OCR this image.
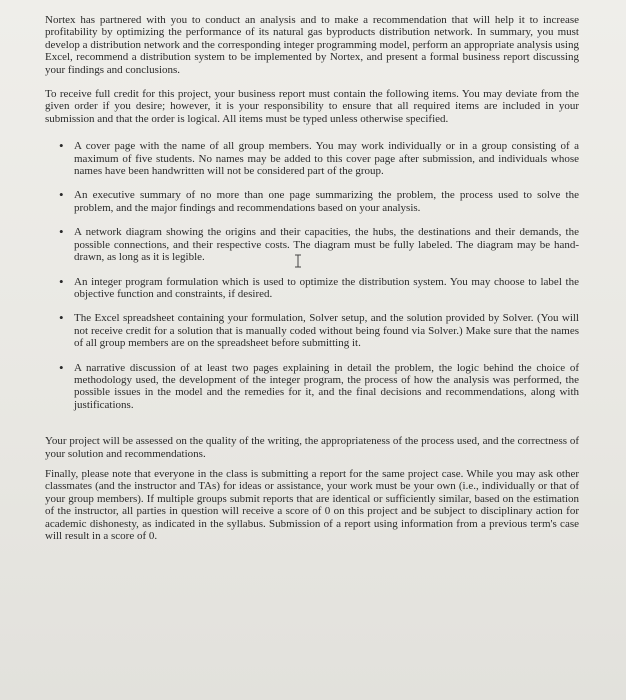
Nortex has partnered with you to conduct an analysis and to make a recommendation that will help it to increase profitability by optimizing the performance of its natural gas byproducts distribution network. In summary, you must develop a distribution network and the corresponding integer programming model, perform an appropriate analysis using Excel, recommend a distribution system to be implemented by Nortex, and present a formal business report discussing your findings and conclusions.

To receive full credit for this project, your business report must contain the following items. You may deviate from the given order if you desire; however, it is your responsibility to ensure that all required items are included in your submission and that the order is logical. All items must be typed unless otherwise specified.

• A cover page with the name of all group members. You may work individually or in a group consisting of a maximum of five students. No names may be added to this cover page after submission, and individuals whose names have been handwritten will not be considered part of the group.
• An executive summary of no more than one page summarizing the problem, the process used to solve the problem, and the major findings and recommendations based on your analysis.
• A network diagram showing the origins and their capacities, the hubs, the destinations and their demands, the possible connections, and their respective costs. The diagram must be fully labeled. The diagram may be hand-drawn, as long as it is legible.
• An integer program formulation which is used to optimize the distribution system. You may choose to label the objective function and constraints, if desired.
• The Excel spreadsheet containing your formulation, Solver setup, and the solution provided by Solver. (You will not receive credit for a solution that is manually coded without being found via Solver.) Make sure that the names of all group members are on the spreadsheet before submitting it.
• A narrative discussion of at least two pages explaining in detail the problem, the logic behind the choice of methodology used, the development of the integer program, the process of how the analysis was performed, the possible issues in the model and the remedies for it, and the final decisions and recommendations, along with justifications.

Your project will be assessed on the quality of the writing, the appropriateness of the process used, and the correctness of your solution and recommendations.

Finally, please note that everyone in the class is submitting a report for the same project case. While you may ask other classmates (and the instructor and TAs) for ideas or assistance, your work must be your own (i.e., individually or that of your group members). If multiple groups submit reports that are identical or sufficiently similar, based on the estimation of the instructor, all parties in question will receive a score of 0 on this project and be subject to disciplinary action for academic dishonesty, as indicated in the syllabus. Submission of a report using information from a previous term's case will result in a score of 0.
